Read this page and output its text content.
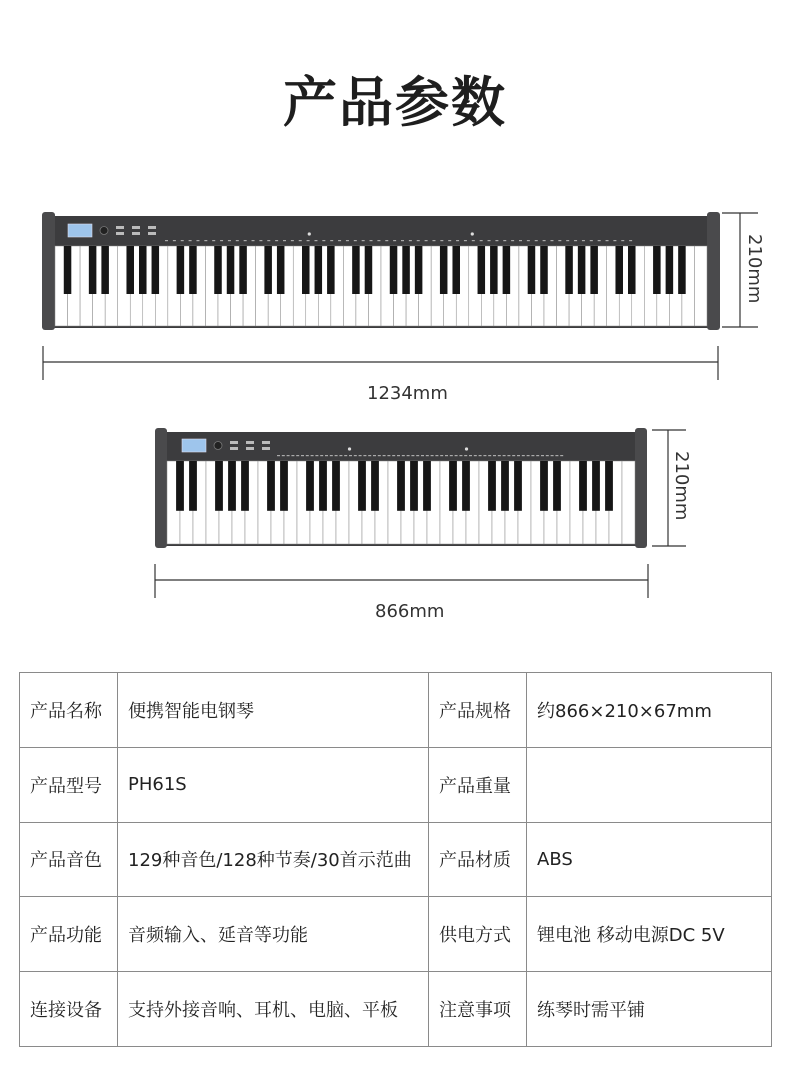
产品参数
1234mm
210mm
866mm
210mm
产品名称	便携智能电钢琴	产品规格	约866×210×67mm
产品型号	PH61S	产品重量	
产品音色	129种音色/128种节奏/30首示范曲	产品材质	ABS
产品功能	音频输入、延音等功能	供电方式	锂电池 移动电源DC 5V
连接设备	支持外接音响、耳机、电脑、平板	注意事项	练琴时需平铺
